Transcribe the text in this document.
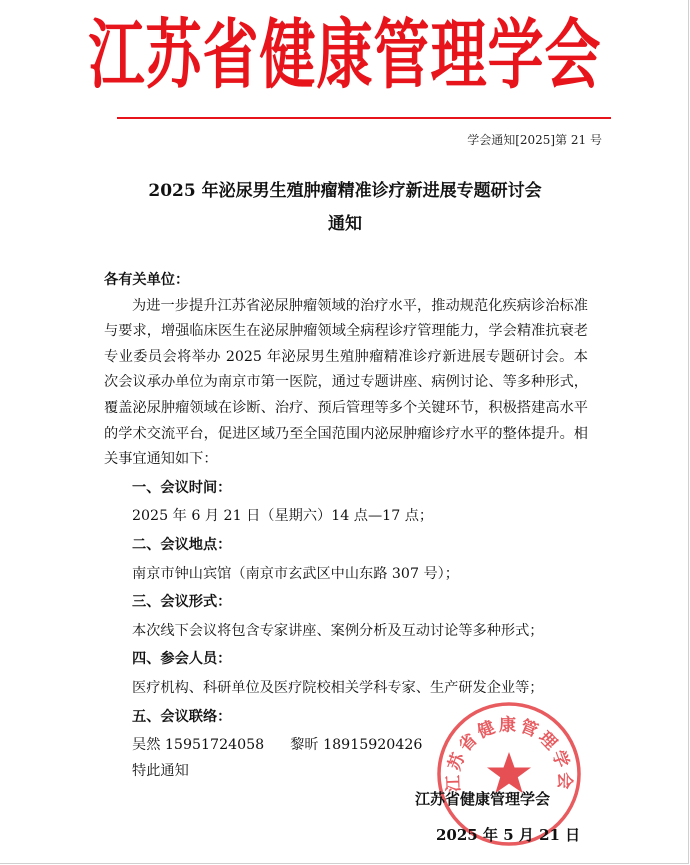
江苏省健康管理学会
学会通知[2025]第 21 号
2025 年泌尿男生殖肿瘤精准诊疗新进展专题研讨会
通知

各有关单位：

为进一步提升江苏省泌尿肿瘤领域的治疗水平，推动规范化疾病诊治标准与要求，增强临床医生在泌尿肿瘤领域全病程诊疗管理能力，学会精准抗衰老专业委员会将举办 2025 年泌尿男生殖肿瘤精准诊疗新进展专题研讨会。本次会议承办单位为南京市第一医院，通过专题讲座、病例讨论、等多种形式，覆盖泌尿肿瘤领域在诊断、治疗、预后管理等多个关键环节，积极搭建高水平的学术交流平台，促进区域乃至全国范围内泌尿肿瘤诊疗水平的整体提升。相关事宜通知如下：

一、会议时间：

2025 年 6 月 21 日（星期六）14 点—17 点；

二、会议地点：

南京市钟山宾馆（南京市玄武区中山东路 307 号）；

三、会议形式：

本次线下会议将包含专家讲座、案例分析及互动讨论等多种形式；

四、参会人员：

医疗机构、科研单位及医疗院校相关学科专家、生产研发企业等；

五、会议联络：

吴然 15951724058 黎昕 18915920426

特此通知

江苏省健康管理学会
江苏省健康管理学会
2025 年 5 月 21 日
